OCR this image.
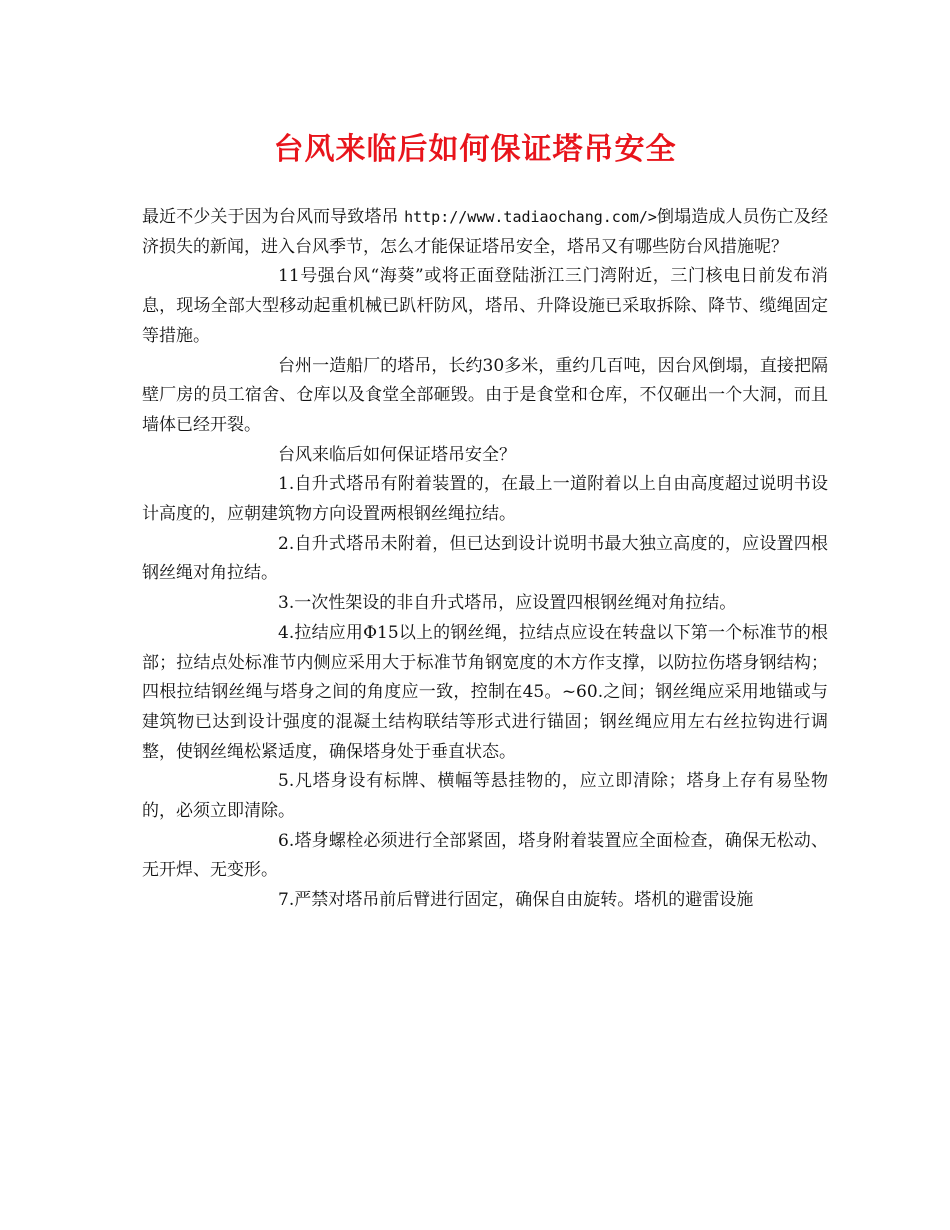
台风来临后如何保证塔吊安全

最近不少关于因为台风而导致塔吊 http://www.tadiaochang.com/>倒塌造成人员伤亡及经济损失的新闻，进入台风季节，怎么才能保证塔吊安全，塔吊又有哪些防台风措施呢？

11号强台风“海葵”或将正面登陆浙江三门湾附近，三门核电日前发布消息，现场全部大型移动起重机械已趴杆防风，塔吊、升降设施已采取拆除、降节、缆绳固定等措施。

台州一造船厂的塔吊，长约30多米，重约几百吨，因台风倒塌，直接把隔壁厂房的员工宿舍、仓库以及食堂全部砸毁。由于是食堂和仓库，不仅砸出一个大洞，而且墙体已经开裂。

台风来临后如何保证塔吊安全？

1.自升式塔吊有附着装置的，在最上一道附着以上自由高度超过说明书设计高度的，应朝建筑物方向设置两根钢丝绳拉结。

2.自升式塔吊未附着，但已达到设计说明书最大独立高度的，应设置四根钢丝绳对角拉结。

3.一次性架设的非自升式塔吊，应设置四根钢丝绳对角拉结。

4.拉结应用Φ15以上的钢丝绳，拉结点应设在转盘以下第一个标准节的根部；拉结点处标准节内侧应采用大于标准节角钢宽度的木方作支撑，以防拉伤塔身钢结构；四根拉结钢丝绳与塔身之间的角度应一致，控制在45。~60.之间；钢丝绳应采用地锚或与建筑物已达到设计强度的混凝土结构联结等形式进行锚固；钢丝绳应用左右丝拉钩进行调整，使钢丝绳松紧适度，确保塔身处于垂直状态。

5.凡塔身设有标牌、横幅等悬挂物的，应立即清除；塔身上存有易坠物的，必须立即清除。

6.塔身螺栓必须进行全部紧固，塔身附着装置应全面检查，确保无松动、无开焊、无变形。

7.严禁对塔吊前后臂进行固定，确保自由旋转。塔机的避雷设施
